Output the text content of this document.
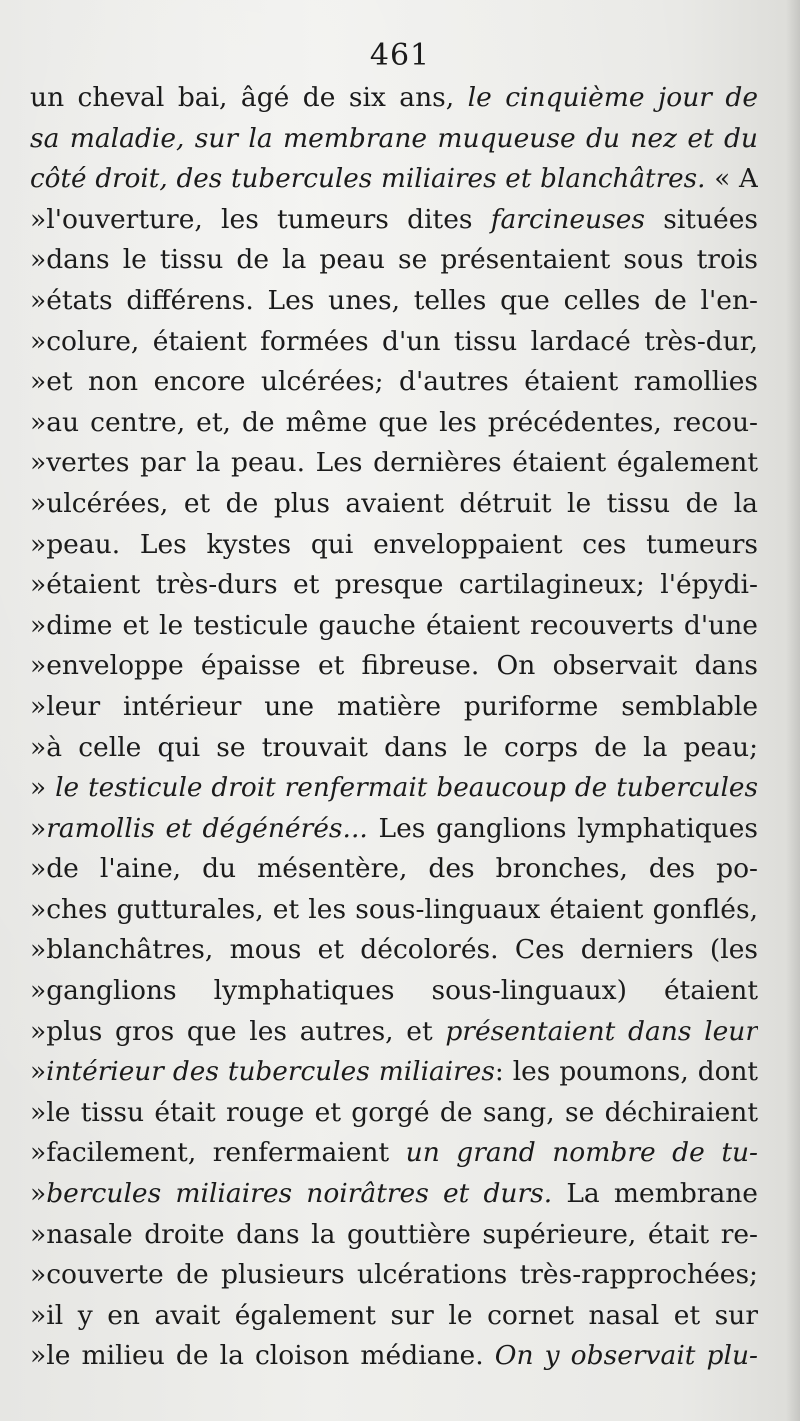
461
un cheval bai, âgé de six ans, le cinquième jour de
sa maladie, sur la membrane muqueuse du nez et du
côté droit, des tubercules miliaires et blanchâtres. « A
»l'ouverture, les tumeurs dites farcineuses situées
»dans le tissu de la peau se présentaient sous trois
»états différens. Les unes, telles que celles de l'en-
»colure, étaient formées d'un tissu lardacé très-dur,
»et non encore ulcérées; d'autres étaient ramollies
»au centre, et, de même que les précédentes, recou-
»vertes par la peau. Les dernières étaient également
»ulcérées, et de plus avaient détruit le tissu de la
»peau. Les kystes qui enveloppaient ces tumeurs
»étaient très-durs et presque cartilagineux; l'épydi-
»dime et le testicule gauche étaient recouverts d'une
»enveloppe épaisse et fibreuse. On observait dans
»leur intérieur une matière puriforme semblable
»à celle qui se trouvait dans le corps de la peau;
» le testicule droit renfermait beaucoup de tubercules
»ramollis et dégénérés... Les ganglions lymphatiques
»de l'aine, du mésentère, des bronches, des po-
»ches gutturales, et les sous-linguaux étaient gonflés,
»blanchâtres, mous et décolorés. Ces derniers (les
»ganglions lymphatiques sous-linguaux) étaient
»plus gros que les autres, et présentaient dans leur
»intérieur des tubercules miliaires: les poumons, dont
»le tissu était rouge et gorgé de sang, se déchiraient
»facilement, renfermaient un grand nombre de tu-
»bercules miliaires noirâtres et durs. La membrane
»nasale droite dans la gouttière supérieure, était re-
»couverte de plusieurs ulcérations très-rapprochées;
»il y en avait également sur le cornet nasal et sur
»le milieu de la cloison médiane. On y observait plu-
